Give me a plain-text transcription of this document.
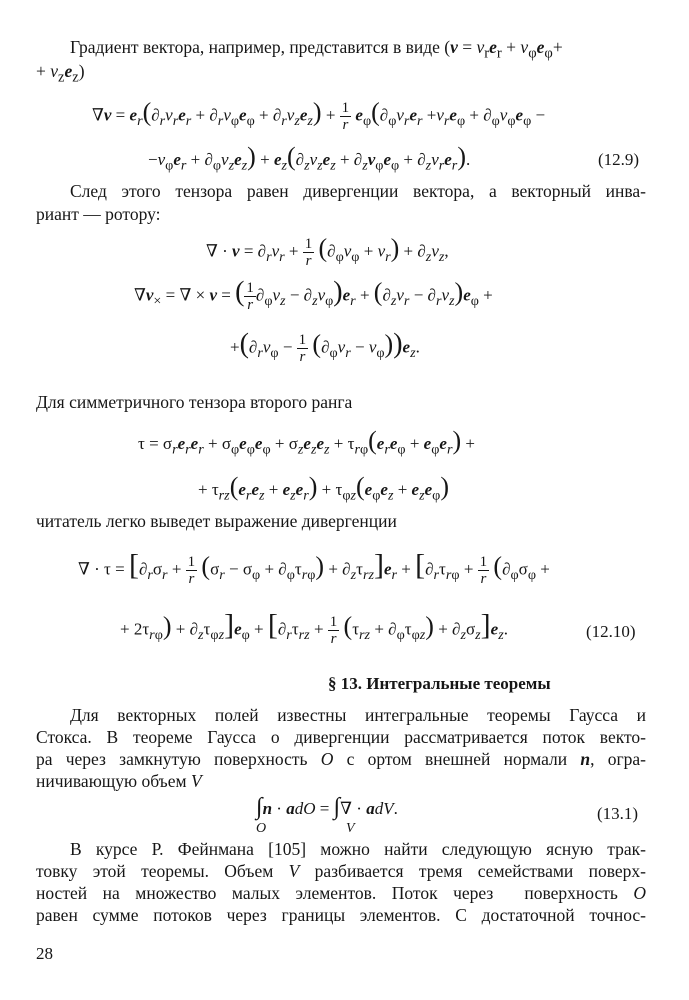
Градиент вектора, например, представится в виде ($v = v_re_r + v_\varphi e_\varphi+$
+ $v_ze_z$)
$\nabla v = e_r(\partial_rv_re_r + \partial_rv_\varphi e_\varphi + \partial_rv_ze_z) + \frac{1}{r} e_\varphi(\partial_\varphi v_re_r +v_re_\varphi + \partial_\varphi v_\varphi e_\varphi$ −
$-v_\varphi e_r + \partial_\varphi v_ze_z) + e_z(\partial_zv_ze_z + \partial_zv_\varphi e_\varphi + \partial_zv_re_r)$.	(12.9)
След этого тензора равен дивергенции вектора, а векторный инва-
риант — ротору:
∇ · $v = \partial_rv_r + \frac{1}{r} (\partial_\varphi v_\varphi + v_r) + \partial_zv_z$,
$\nabla v_\times$ = ∇ × v = ( $\frac{1}{r} \partial_\varphi v_z - \partial_zv_\varphi)e_r + (\partial_zv_r - \partial_rv_z)e_\varphi$ +
$+(\partial_rv_\varphi - \frac{1}{r} (\partial_\varphi v_r - v_\varphi))e_z$.
Для симметричного тензора второго ранга
$\tau = \sigma_re_re_r + \sigma_\varphi e_\varphi e_\varphi + \sigma_ze_ze_z + \tau_{r\varphi}(e_re_\varphi + e_\varphi e_r)$ +
+ $\tau_{rz}(e_re_z + e_ze_r) + \tau_{\varphi z}(e_\varphi e_z + e_ze_\varphi)$
читатель легко выведет выражение дивергенции
∇ · $\tau = [\partial_r\sigma_r + \frac{1}{r} (\sigma_r - \sigma_\varphi + \partial_\varphi\tau_{r\varphi}) + \partial_z\tau_{rz}]e_r + [\partial_r\tau_{r\varphi} + \frac{1}{r} (\partial_\varphi\sigma_\varphi$ +
+ $2\tau_{r\varphi}) + \partial_z\tau_{\varphi z}]e_\varphi + [\partial_r\tau_{rz} + \frac{1}{r} (\tau_{rz} + \partial_\varphi\tau_{\varphi z}) + \partial_z\sigma_z]e_z$.	(12.10)
§ 13. Интегральные теоремы
Для векторных полей известны интегральные теоремы Гаусса и
Стокса. В теореме Гаусса о дивергенции рассматривается поток векто-
ра через замкнутую поверхность O с ортом внешней нормали n, огра-
ничивающую объем V
∫n · adO = ∫∇ · adV.
O	V
(13.1)
В курсе Р. Фейнмана [105] можно найти следующую ясную трак-
товку этой теоремы. Объем V разбивается тремя семействами поверх-
ностей на множество малых элементов. Поток через  поверхность O
равен сумме потоков через границы элементов. С достаточной точнос-
28
